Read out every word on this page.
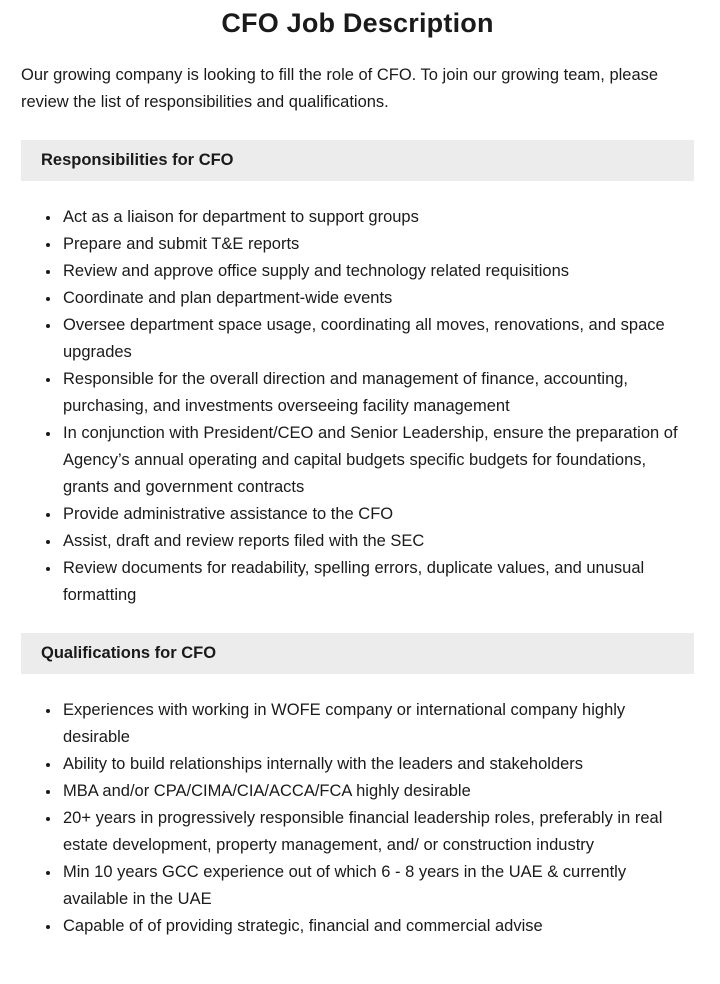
CFO Job Description

Our growing company is looking to fill the role of CFO. To join our growing team, please review the list of responsibilities and qualifications.

Responsibilities for CFO
• Act as a liaison for department to support groups
• Prepare and submit T&E reports
• Review and approve office supply and technology related requisitions
• Coordinate and plan department-wide events
• Oversee department space usage, coordinating all moves, renovations, and space upgrades
• Responsible for the overall direction and management of finance, accounting, purchasing, and investments overseeing facility management
• In conjunction with President/CEO and Senior Leadership, ensure the preparation of Agency’s annual operating and capital budgets specific budgets for foundations, grants and government contracts
• Provide administrative assistance to the CFO
• Assist, draft and review reports filed with the SEC
• Review documents for readability, spelling errors, duplicate values, and unusual formatting
Qualifications for CFO
• Experiences with working in WOFE company or international company highly desirable
• Ability to build relationships internally with the leaders and stakeholders
• MBA and/or CPA/CIMA/CIA/ACCA/FCA highly desirable
• 20+ years in progressively responsible financial leadership roles, preferably in real estate development, property management, and/ or construction industry
• Min 10 years GCC experience out of which 6 - 8 years in the UAE & currently available in the UAE
• Capable of of providing strategic, financial and commercial advise
